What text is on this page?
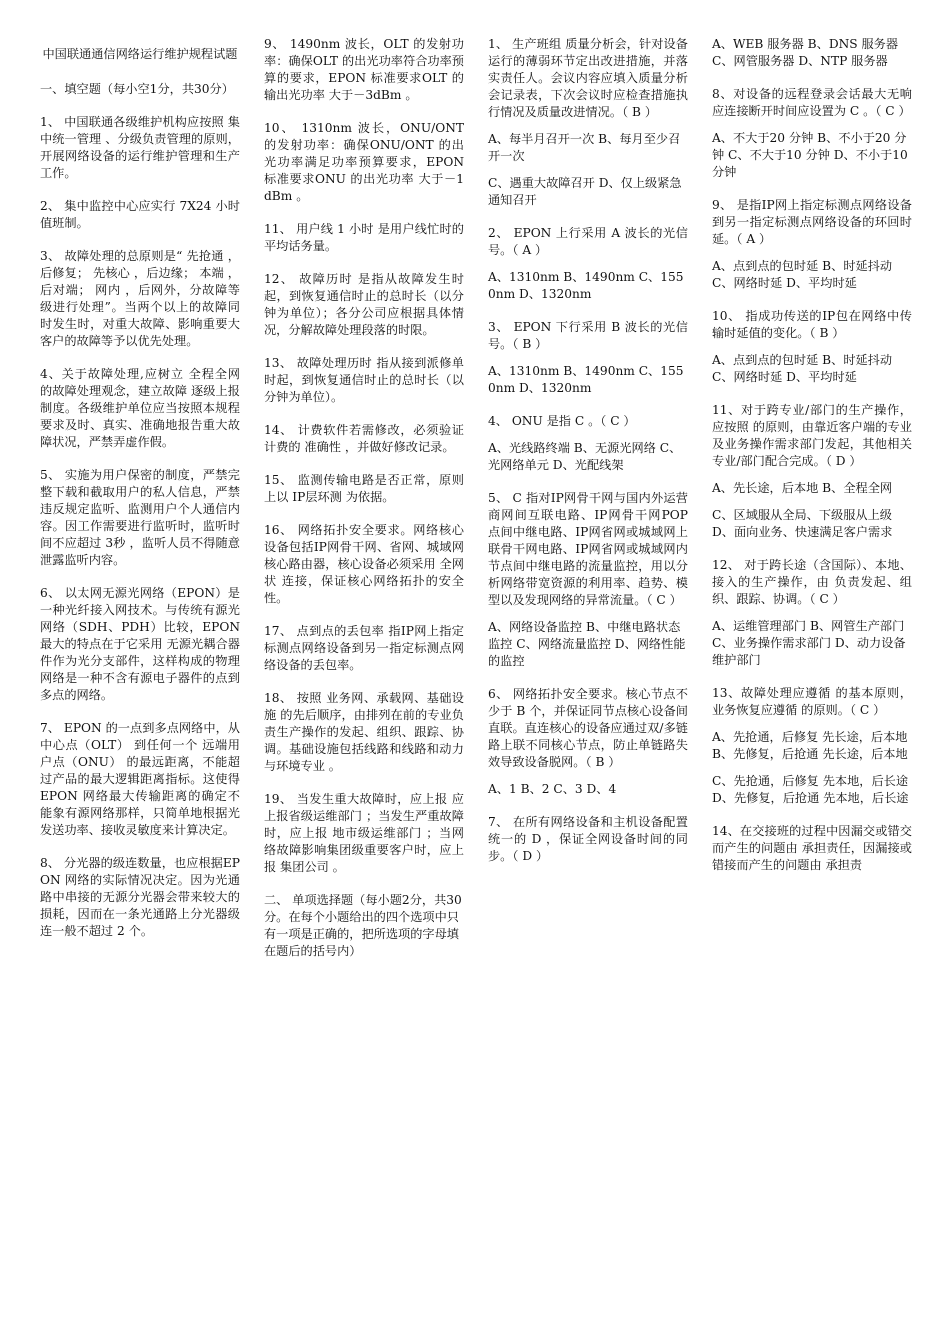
中国联通通信网络运行维护规程试题
一、填空题（每小空1分，共30分）
1、 中国联通各级维护机构应按照 集中统一管理 、分级负责管理的原则，开展网络设备的运行维护管理和生产工作。
2、 集中监控中心应实行 7X24 小时 值班制。
3、 故障处理的总原则是“ 先抢通 ，后修复； 先核心 ，后边缘； 本端 ，后对端； 网内 ，后网外，分故障等级进行处理”。当两个以上的故障同时发生时，对重大故障、影响重要大客户的故障等予以优先处理。
4、关于故障处理,应树立 全程全网 的故障处理观念，建立故障 逐级上报 制度。各级维护单位应当按照本规程要求及时、真实、准确地报告重大故障状况，严禁弄虚作假。
5、 实施为用户保密的制度，严禁完整下载和截取用户的私人信息，严禁违反规定监听、监测用户个人通信内容。因工作需要进行监听时，监听时间不应超过 3秒 ，监听人员不得随意泄露监听内容。
6、 以太网无源光网络（EPON）是一种光纤接入网技术。与传统有源光网络（SDH、PDH）比较，EPON最大的特点在于它采用 无源光耦合器件作为光分支部件，这样构成的物理网络是一种不含有源电子器件的点到多点的网络。
7、 EPON 的一点到多点网络中，从 中心点（OLT） 到任何一个 远端用户点（ONU） 的最远距离，不能超过产品的最大逻辑距离指标。这使得EPON 网络最大传输距离的确定不能象有源网络那样，只简单地根据光发送功率、接收灵敏度来计算决定。
8、 分光器的级连数量，也应根据EPON 网络的实际情况决定。因为光通路中串接的无源分光器会带来较大的损耗，因而在一条光通路上分光器级连一般不超过 2 个。
9、 1490nm 波长，OLT 的发射功率：确保OLT 的出光功率符合功率预算的要求，EPON 标准要求OLT 的输出光功率 大于－3dBm 。
10、 1310nm 波长，ONU/ONT 的发射功率：确保ONU/ONT 的出光功率满足功率预算要求，EPON 标准要求ONU 的出光功率 大于－1dBm 。
11、 用户线 1 小时 是用户线忙时的平均话务量。
12、 故障历时 是指从故障发生时起，到恢复通信时止的总时长（以分钟为单位）；各分公司应根据具体情况，分解故障处理段落的时限。
13、 故障处理历时 指从接到派修单时起，到恢复通信时止的总时长（以分钟为单位）。
14、 计费软件若需修改，必须验证计费的 准确性 ，并做好修改记录。
15、 监测传输电路是否正常，原则上以 IP层环测 为依据。
16、 网络拓扑安全要求。网络核心设备包括IP网骨干网、省网、城域网核心路由器，核心设备必须采用 全网状 连接，保证核心网络拓扑的安全性。
17、 点到点的丢包率 指IP网上指定标测点网络设备到另一指定标测点网络设备的丢包率。
18、 按照 业务网、承载网、基础设施 的先后顺序，由排列在前的专业负责生产操作的发起、组织、跟踪、协调。基础设施包括线路和线路和动力与环境专业 。
19、 当发生重大故障时，应上报 应上报省级运维部门 ；当发生严重故障时，应上报 地市级运维部门 ；当网络故障影响集团级重要客户时，应上报 集团公司 。
二、 单项选择题（每小题2分，共30分。在每个小题给出的四个选项中只有一项是正确的，把所选项的字母填在题后的括号内）
1、 生产班组 质量分析会，针对设备运行的薄弱环节定出改进措施，并落实责任人。会议内容应填入质量分析会记录表，下次会议时应检查措施执行情况及质量改进情况。（ B ）
A、每半月召开一次 B、每月至少召开一次
C、遇重大故障召开 D、仅上级紧急通知召开
2、 EPON 上行采用 A 波长的光信号。（ A ）
A、1310nm B、1490nm C、1550nm D、1320nm
3、 EPON 下行采用 B 波长的光信号。（ B ）
A、1310nm B、1490nm C、1550nm D、1320nm
4、 ONU 是指 C 。（ C ）
A、光线路终端 B、无源光网络 C、光网络单元 D、光配线架
5、 C 指对IP网骨干网与国内外运营商网间互联电路、IP网骨干网POP 点间中继电路、IP网省网或城域网上联骨干网电路、IP网省网或城域网内节点间中继电路的流量监控，用以分析网络带宽资源的利用率、趋势、模型以及发现网络的异常流量。（ C ）
A、网络设备监控 B、中继电路状态监控 C、网络流量监控 D、网络性能的监控
6、 网络拓扑安全要求。核心节点不少于 B 个，并保证同节点核心设备间直联。直连核心的设备应通过双/多链路上联不同核心节点，防止单链路失效导致设备脱网。（ B ）
A、1 B、2 C、3 D、4
7、 在所有网络设备和主机设备配置统一的 D ，保证全网设备时间的同步。（ D ）
A、WEB 服务器 B、DNS 服务器 C、网管服务器 D、NTP 服务器
8、对设备的远程登录会话最大无响应连接断开时间应设置为 C 。（ C ）
A、不大于20 分钟 B、不小于20 分钟 C、不大于10 分钟 D、不小于10 分钟
9、 是指IP网上指定标测点网络设备到另一指定标测点网络设备的环回时延。（ A ）
A、点到点的包时延 B、时延抖动 C、网络时延 D、平均时延
10、 指成功传送的IP包在网络中传输时延值的变化。（ B ）
A、点到点的包时延 B、时延抖动 C、网络时延 D、平均时延
11、对于跨专业/部门的生产操作，应按照 的原则，由靠近客户端的专业及业务操作需求部门发起，其他相关专业/部门配合完成。（ D ）
A、先长途，后本地 B、全程全网
C、区域服从全局、下级服从上级 D、面向业务、快速满足客户需求
12、 对于跨长途（含国际）、本地、接入的生产操作，由 负责发起、组织、跟踪、协调。（ C ）
A、运维管理部门 B、网管生产部门 C、业务操作需求部门 D、动力设备维护部门
13、故障处理应遵循 的基本原则，业务恢复应遵循 的原则。（ C ）
A、先抢通，后修复 先长途，后本地 B、先修复，后抢通 先长途，后本地
C、先抢通，后修复 先本地，后长途 D、先修复，后抢通 先本地，后长途
14、在交接班的过程中因漏交或错交而产生的问题由 承担责任，因漏接或错接而产生的问题由 承担责
